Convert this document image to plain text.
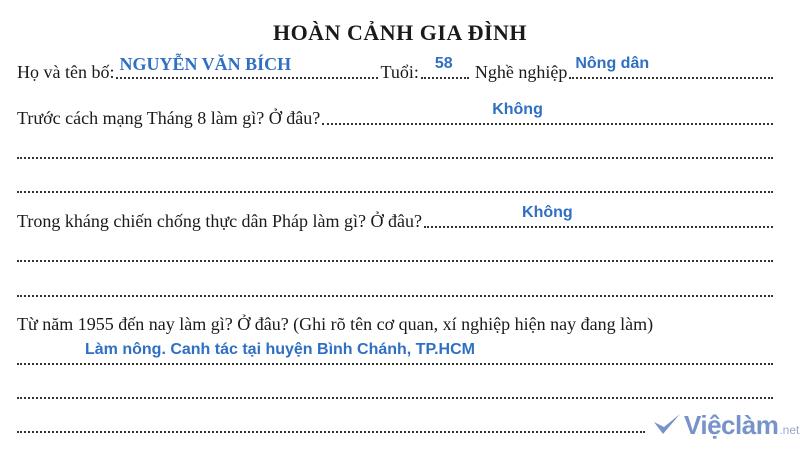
HOÀN CẢNH GIA ĐÌNH
Họ và tên bố: NGUYỄN VĂN BÍCH	Tuổi: 58 Nghề nghiệp Nông dân
Trước cách mạng Tháng 8 làm gì? Ở đâu?	Không
Trong kháng chiến chống thực dân Pháp làm gì? Ở đâu?	Không
Từ năm 1955 đến nay làm gì? Ở đâu? (Ghi rõ tên cơ quan, xí nghiệp hiện nay đang làm)
Làm nông. Canh tác tại huyện Bình Chánh, TP.HCM
Việclàm .net
